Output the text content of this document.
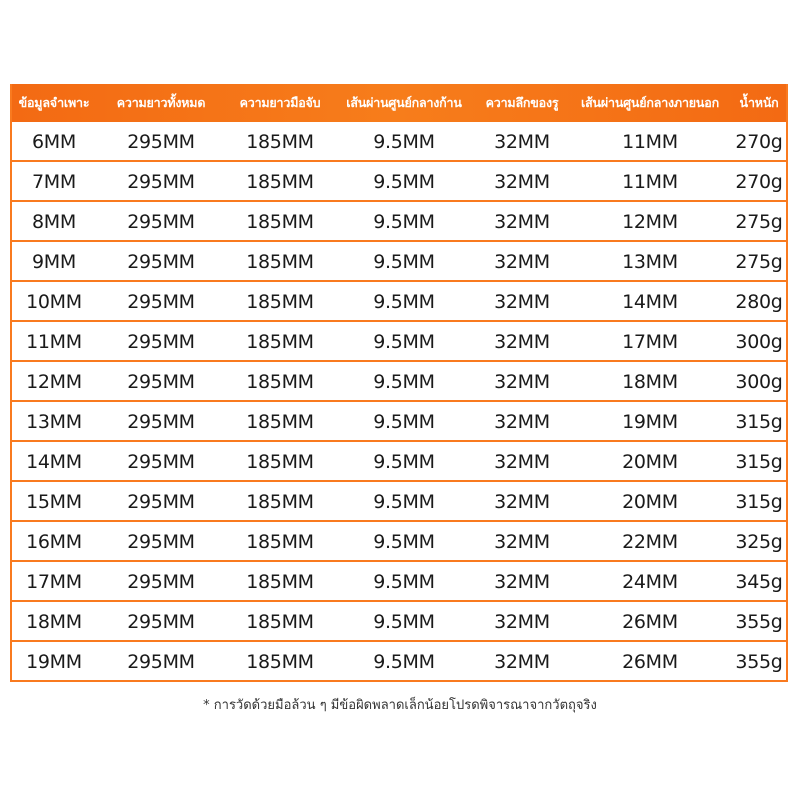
ข้อมูลจำเพาะ	ความยาวทั้งหมด	ความยาวมือจับ	เส้นผ่านศูนย์กลางก้าน	ความลึกของรู	เส้นผ่านศูนย์กลางภายนอก	น้ำหนัก
6MM	295MM	185MM	9.5MM	32MM	11MM	270g
7MM	295MM	185MM	9.5MM	32MM	11MM	270g
8MM	295MM	185MM	9.5MM	32MM	12MM	275g
9MM	295MM	185MM	9.5MM	32MM	13MM	275g
10MM	295MM	185MM	9.5MM	32MM	14MM	280g
11MM	295MM	185MM	9.5MM	32MM	17MM	300g
12MM	295MM	185MM	9.5MM	32MM	18MM	300g
13MM	295MM	185MM	9.5MM	32MM	19MM	315g
14MM	295MM	185MM	9.5MM	32MM	20MM	315g
15MM	295MM	185MM	9.5MM	32MM	20MM	315g
16MM	295MM	185MM	9.5MM	32MM	22MM	325g
17MM	295MM	185MM	9.5MM	32MM	24MM	345g
18MM	295MM	185MM	9.5MM	32MM	26MM	355g
19MM	295MM	185MM	9.5MM	32MM	26MM	355g
* การวัดด้วยมือล้วน ๆ มีข้อผิดพลาดเล็กน้อยโปรดพิจารณาจากวัตถุจริง
